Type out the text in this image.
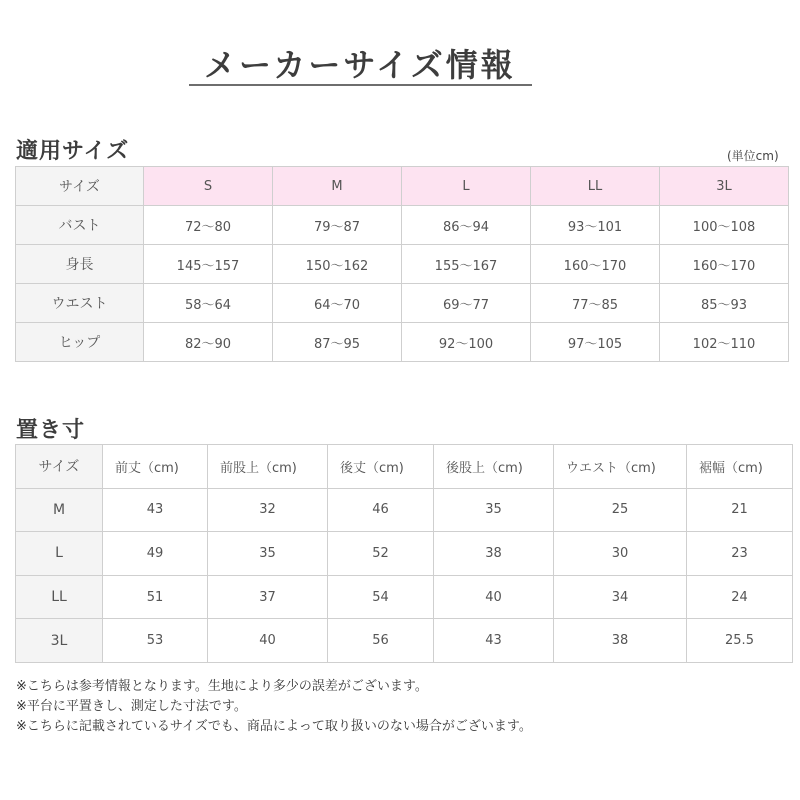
メーカーサイズ情報
適用サイズ	(単位cm)
サイズ	S	M	L	LL	3L
バスト	72〜80	79〜87	86〜94	93〜101	100〜108
身長	145〜157	150〜162	155〜167	160〜170	160〜170
ウエスト	58〜64	64〜70	69〜77	77〜85	85〜93
ヒップ	82〜90	87〜95	92〜100	97〜105	102〜110
置き寸
サイズ	前丈（cm)	前股上（cm)	後丈（cm)	後股上（cm)	ウエスト（cm)	裾幅（cm)
M	43	32	46	35	25	21
L	49	35	52	38	30	23
LL	51	37	54	40	34	24
3L	53	40	56	43	38	25.5
※こちらは参考情報となります。生地により多少の誤差がございます。
※平台に平置きし、測定した寸法です。
※こちらに記載されているサイズでも、商品によって取り扱いのない場合がございます。
